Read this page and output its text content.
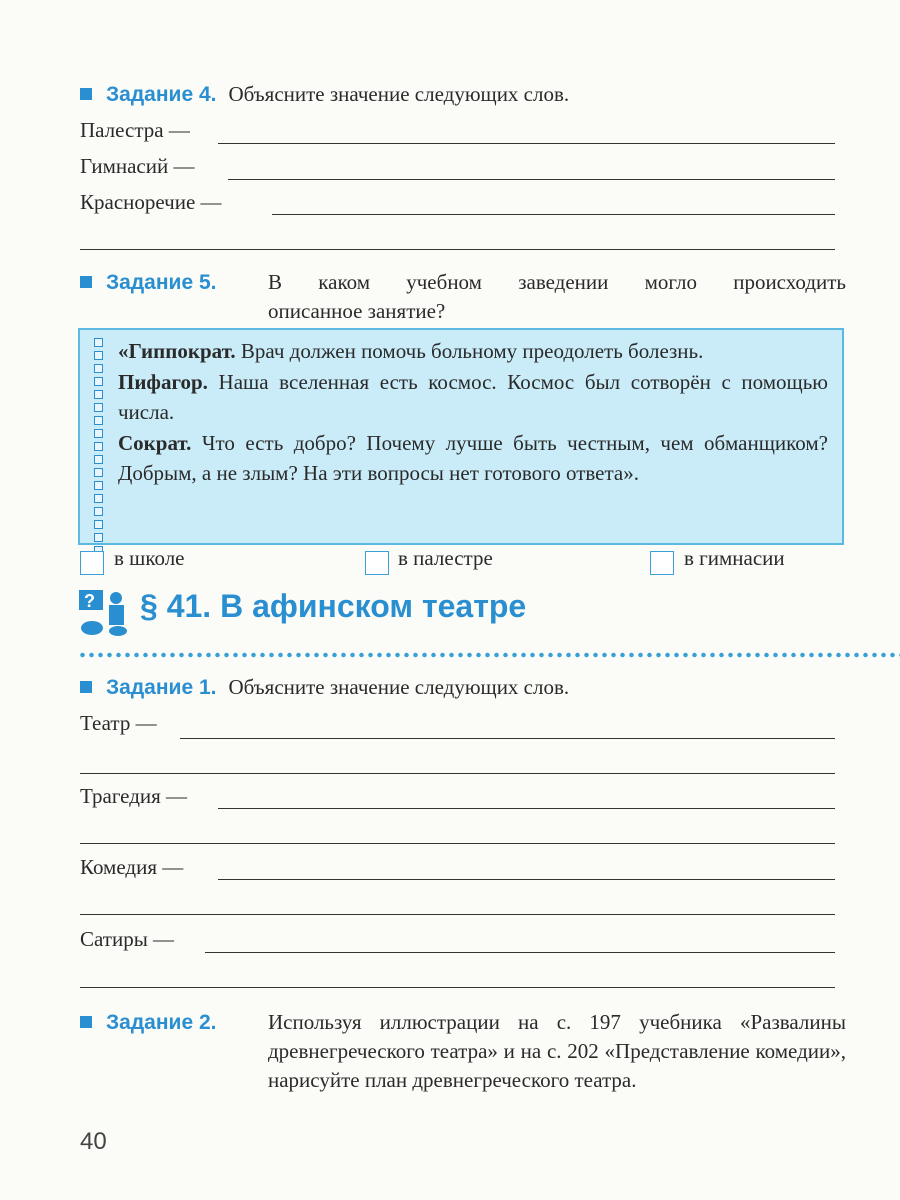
Задание 4. Объясните значение следующих слов.
Палестра —
Гимнасий —
Красноречие —
Задание 5.	В каком учебном заведении могло происходить
описанное занятие?
«Гиппократ. Врач должен помочь больному преодолеть болезнь.
Пифагор. Наша вселенная есть космос. Космос был сотворён с помощью числа.
Сократ. Что есть добро? Почему лучше быть честным, чем обманщиком? Добрым, а не злым? На эти вопросы нет готового ответа».
в школе	в палестре	в гимнасии
? § 41. В афинском театре
Задание 1. Объясните значение следующих слов.
Театр —
Трагедия —
Комедия —
Сатиры —
Задание 2.	Используя иллюстрации на с. 197 учебника «Развалины древнегреческого театра» и на с. 202 «Представление комедии», нарисуйте план древнегреческого театра.
40
